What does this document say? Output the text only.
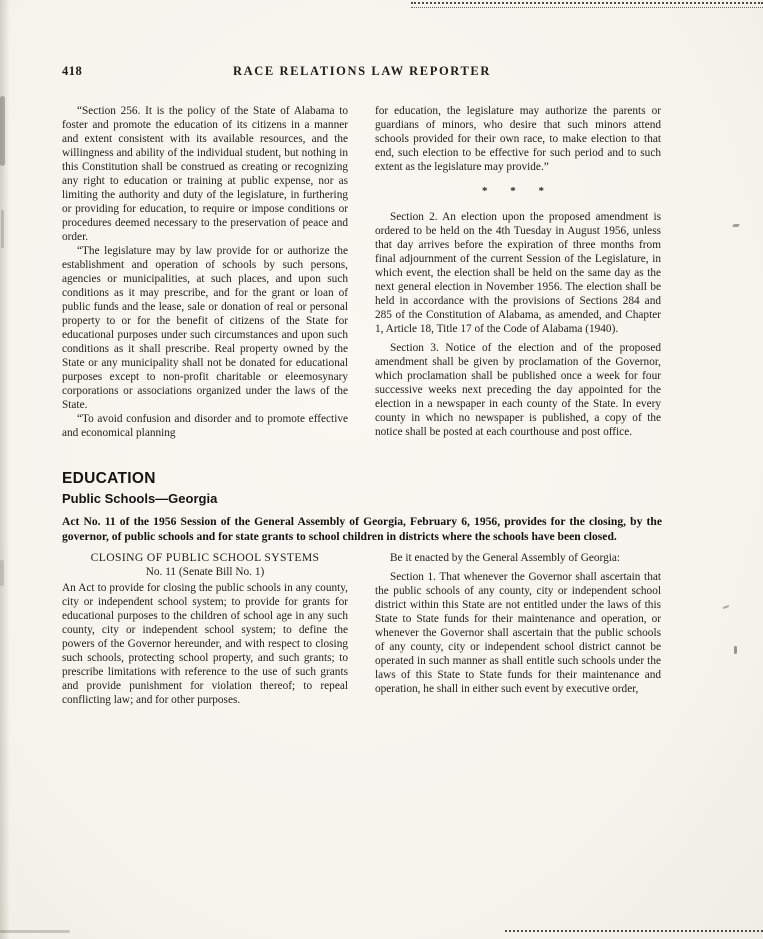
418	RACE RELATIONS LAW REPORTER

“Section 256. It is the policy of the State of Alabama to foster and promote the education of its citizens in a manner and extent consistent with its available resources, and the willingness and ability of the individual student, but nothing in this Constitution shall be construed as creating or recognizing any right to education or training at public expense, nor as limiting the authority and duty of the legislature, in furthering or providing for education, to require or impose conditions or procedures deemed necessary to the preservation of peace and order.

“The legislature may by law provide for or authorize the establishment and operation of schools by such persons, agencies or municipalities, at such places, and upon such conditions as it may prescribe, and for the grant or loan of public funds and the lease, sale or donation of real or personal property to or for the benefit of citizens of the State for educational purposes under such circumstances and upon such conditions as it shall prescribe. Real property owned by the State or any municipality shall not be donated for educational purposes except to non-profit charitable or eleemosynary corporations or associations organized under the laws of the State.

“To avoid confusion and disorder and to promote effective and economical planning

for education, the legislature may authorize the parents or guardians of minors, who desire that such minors attend schools provided for their own race, to make election to that end, such election to be effective for such period and to such extent as the legislature may provide.”

* * *

Section 2. An election upon the proposed amendment is ordered to be held on the 4th Tuesday in August 1956, unless that day arrives before the expiration of three months from final adjournment of the current Session of the Legislature, in which event, the election shall be held on the same day as the next general election in November 1956. The election shall be held in accordance with the provisions of Sections 284 and 285 of the Constitution of Alabama, as amended, and Chapter 1, Article 18, Title 17 of the Code of Alabama (1940).

Section 3. Notice of the election and of the proposed amendment shall be given by proclamation of the Governor, which proclamation shall be published once a week for four successive weeks next preceding the day appointed for the election in a newspaper in each county of the State. In every county in which no newspaper is published, a copy of the notice shall be posted at each courthouse and post office.

EDUCATION
Public Schools—Georgia

Act No. 11 of the 1956 Session of the General Assembly of Georgia, February 6, 1956, provides for the closing, by the governor, of public schools and for state grants to school children in districts where the schools have been closed.

CLOSING OF PUBLIC SCHOOL SYSTEMS
No. 11 (Senate Bill No. 1)

An Act to provide for closing the public schools in any county, city or independent school system; to provide for grants for educational purposes to the children of school age in any such county, city or independent school system; to define the powers of the Governor hereunder, and with respect to closing such schools, protecting school property, and such grants; to prescribe limitations with reference to the use of such grants and provide punishment for violation thereof; to repeal conflicting law; and for other purposes.

Be it enacted by the General Assembly of Georgia:

Section 1. That whenever the Governor shall ascertain that the public schools of any county, city or independent school district within this State are not entitled under the laws of this State to State funds for their maintenance and operation, or whenever the Governor shall ascertain that the public schools of any county, city or independent school district cannot be operated in such manner as shall entitle such schools under the laws of this State to State funds for their maintenance and operation, he shall in either such event by executive order,
